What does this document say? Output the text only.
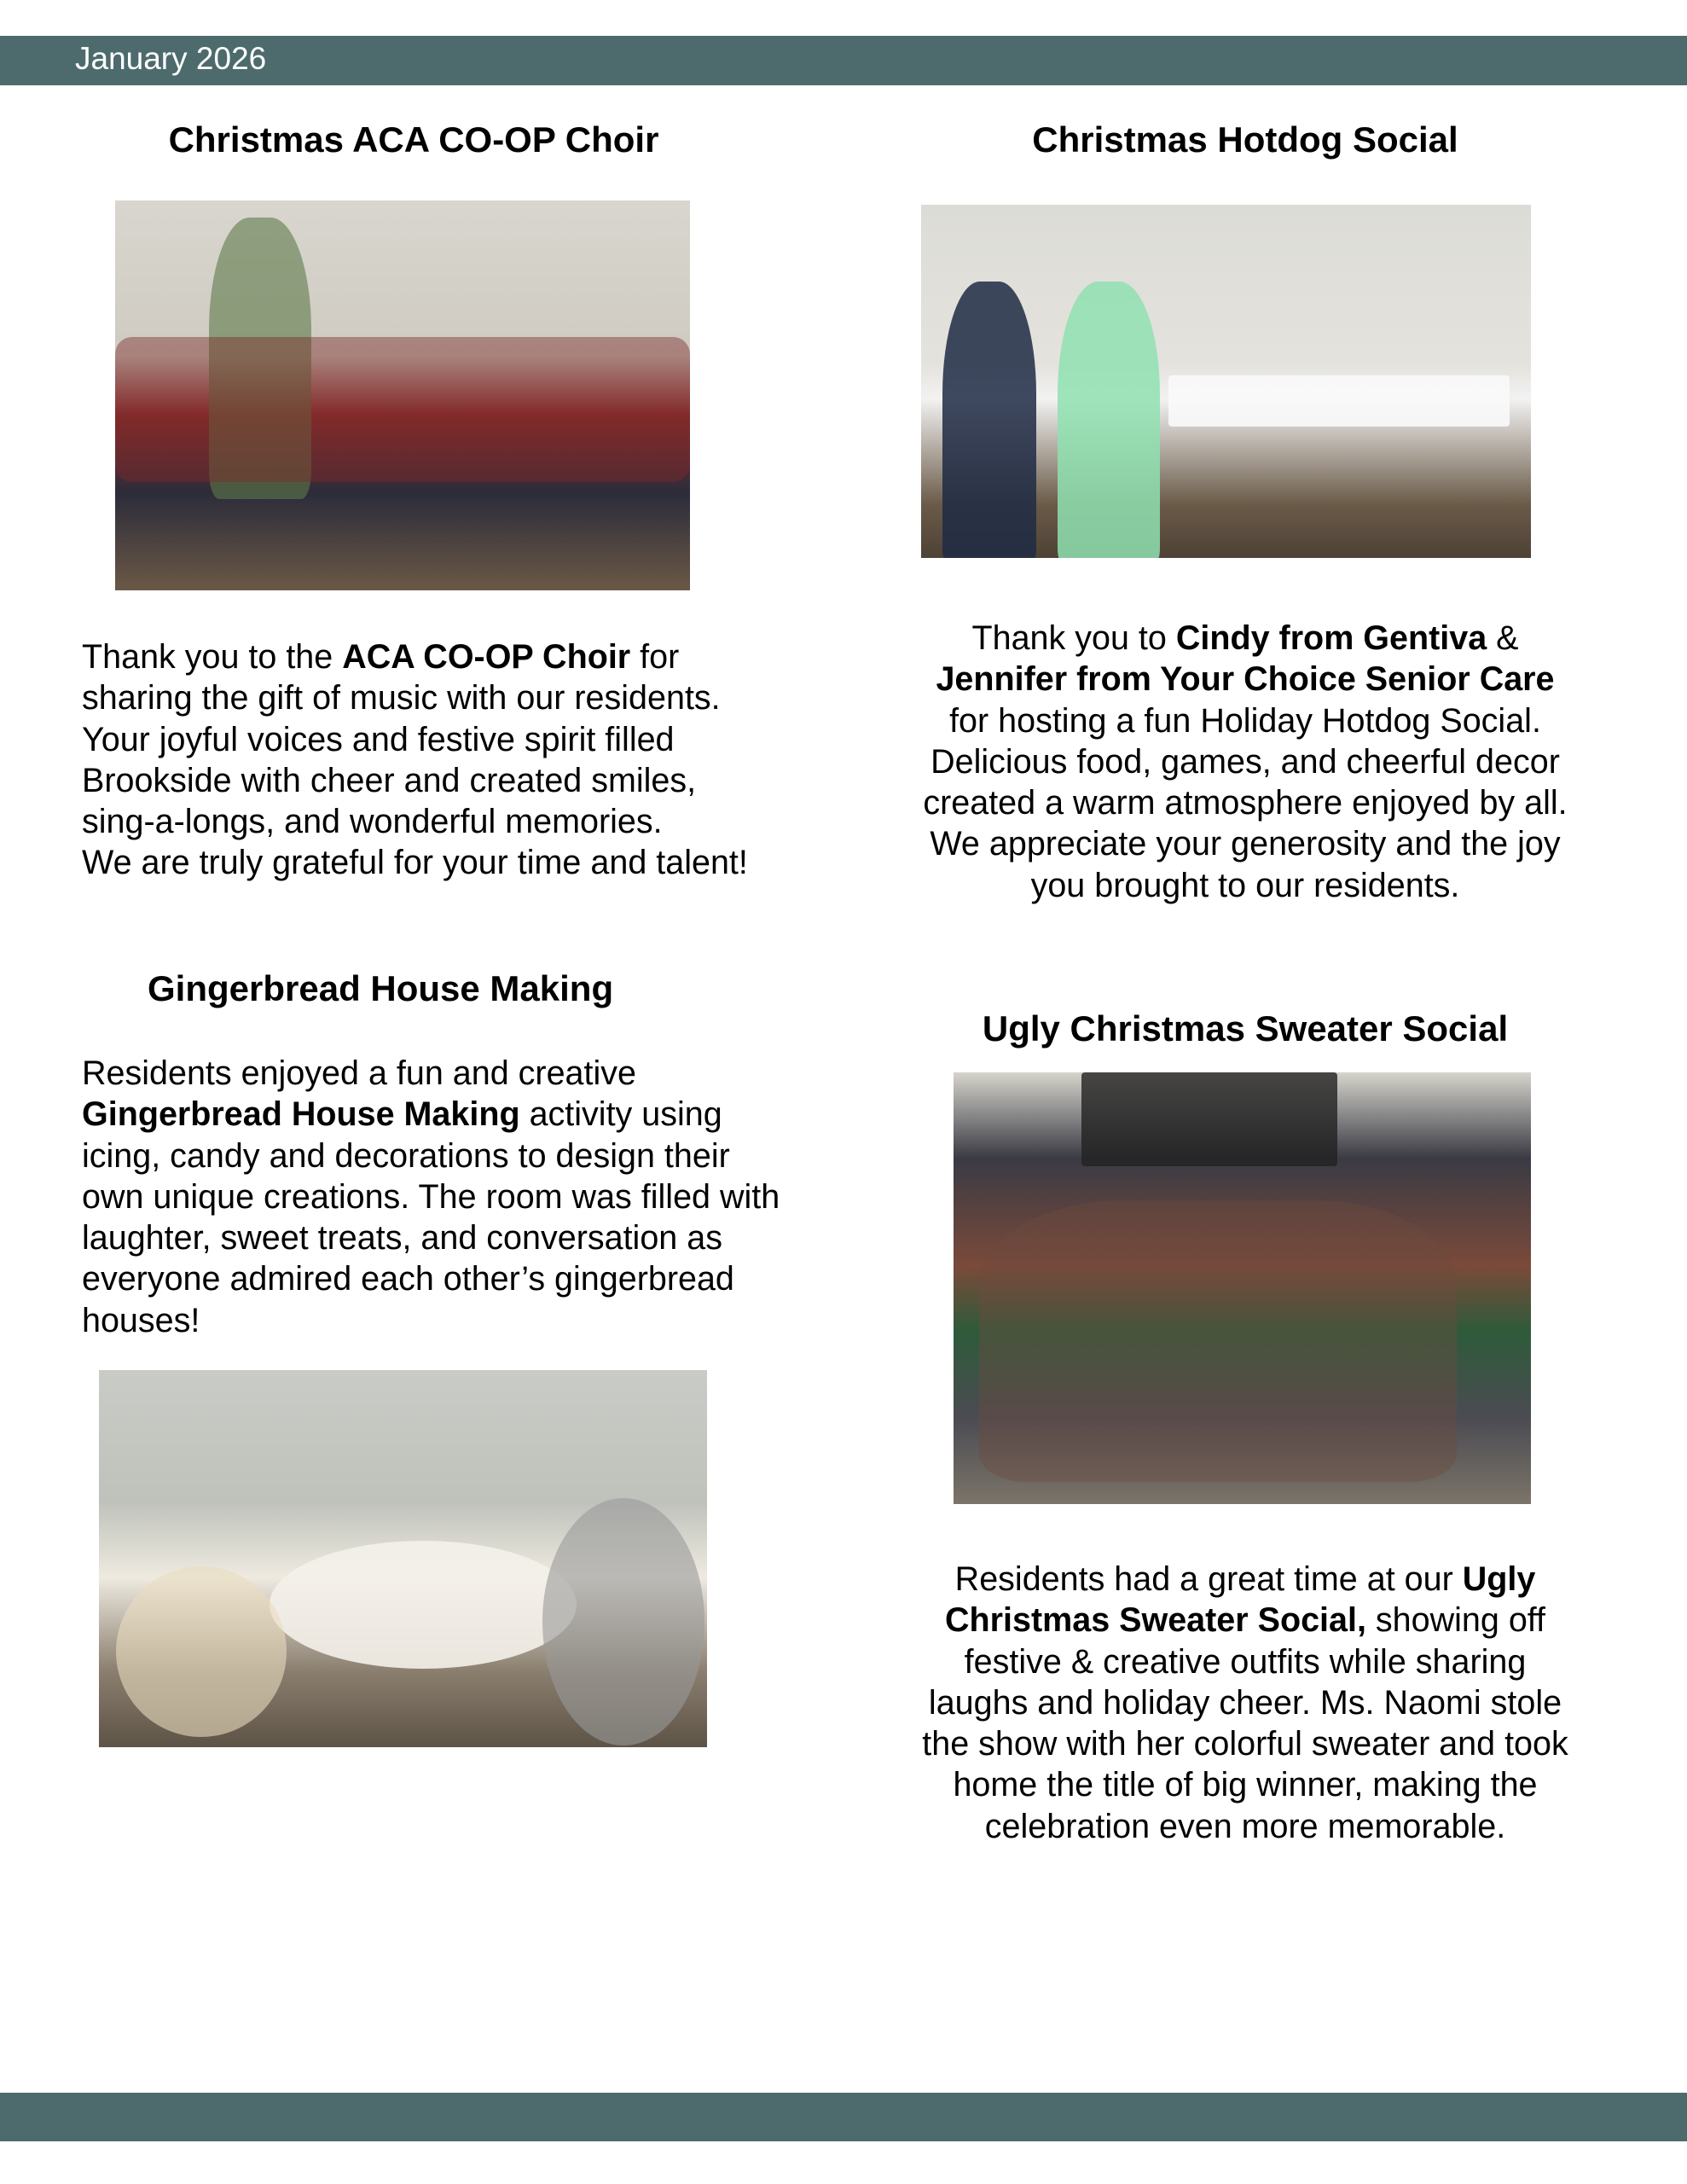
January 2026
Christmas ACA CO-OP Choir
Thank you to the ACA CO-OP Choir for
sharing the gift of music with our residents.
Your joyful voices and festive spirit filled
Brookside with cheer and created smiles,
sing-a-longs, and wonderful memories.
We are truly grateful for your time and talent!
Christmas Hotdog Social
Thank you to Cindy from Gentiva &
Jennifer from Your Choice Senior Care
for hosting a fun Holiday Hotdog Social.
Delicious food, games, and cheerful decor
created a warm atmosphere enjoyed by all.
We appreciate your generosity and the joy
you brought to our residents.
Gingerbread House Making
Residents enjoyed a fun and creative
Gingerbread House Making activity using
icing, candy and decorations to design their
own unique creations. The room was filled with
laughter, sweet treats, and conversation as
everyone admired each other’s gingerbread
houses!
Ugly Christmas Sweater Social
Residents had a great time at our Ugly
Christmas Sweater Social, showing off
festive & creative outfits while sharing
laughs and holiday cheer. Ms. Naomi stole
the show with her colorful sweater and took
home the title of big winner, making the
celebration even more memorable.
